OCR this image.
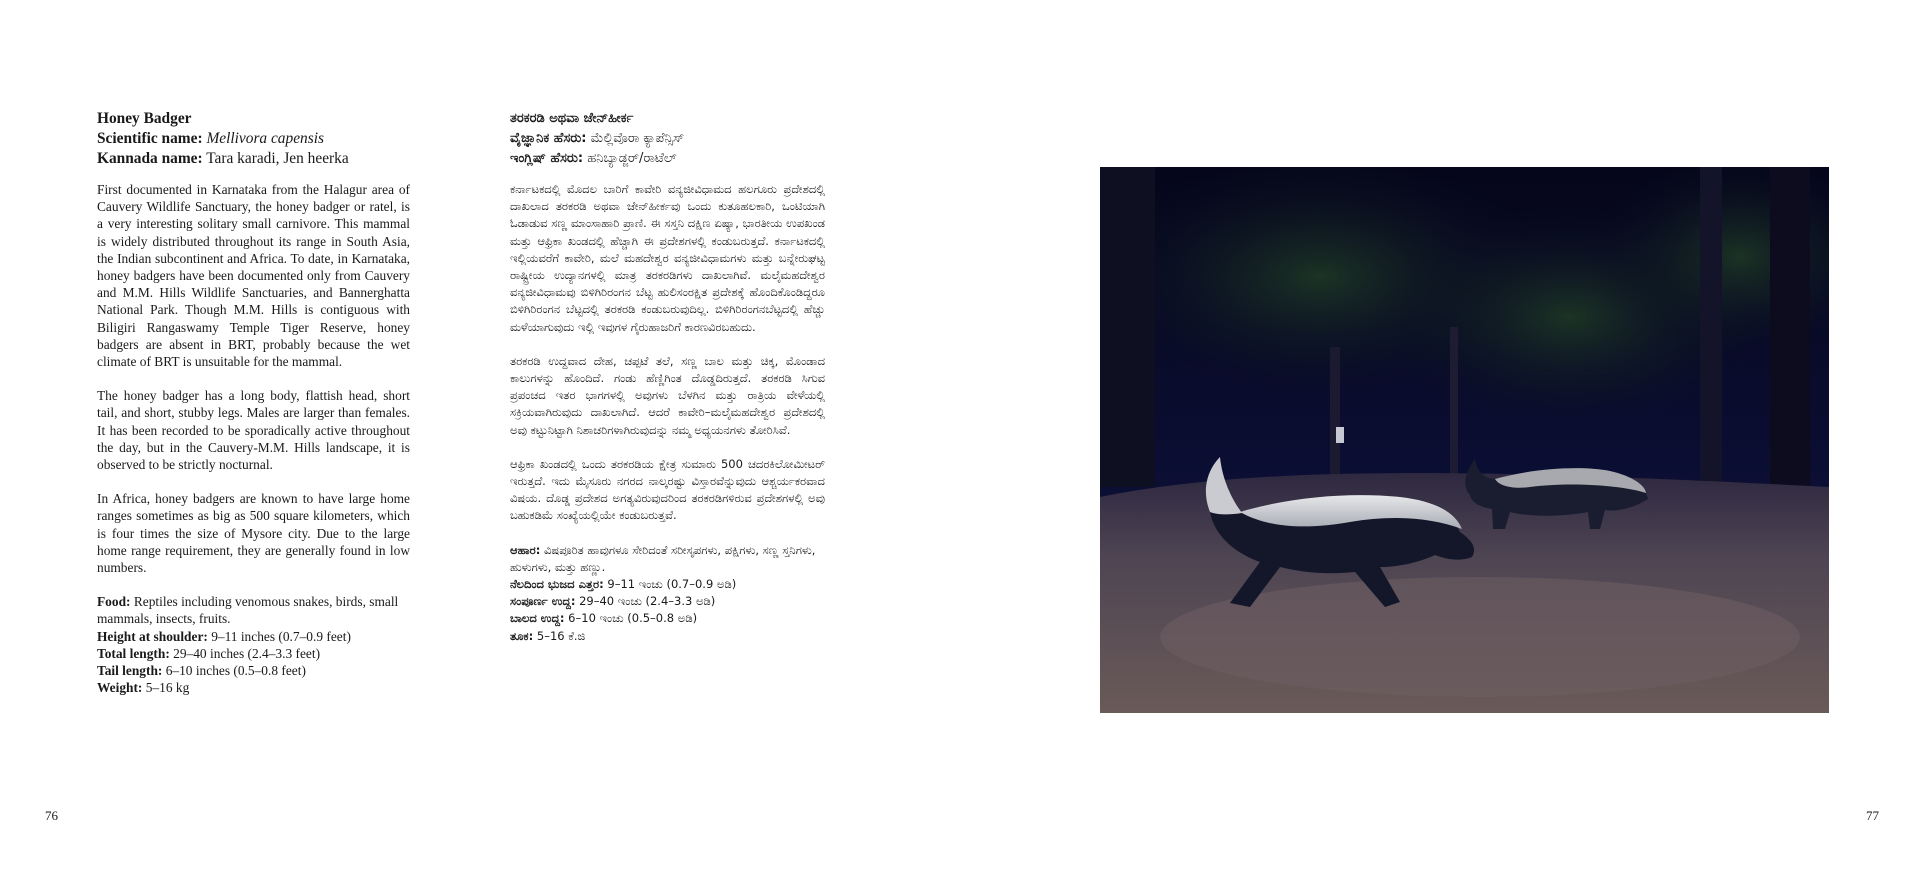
Honey Badger
Scientific name: Mellivora capensis
Kannada name: Tara karadi, Jen heerka

First documented in Karnataka from the Halagur area of Cauvery Wildlife Sanctuary, the honey badger or ratel, is a very interesting solitary small carnivore. This mammal is widely distributed throughout its range in South Asia, the Indian subcontinent and Africa. To date, in Karnataka, honey badgers have been documented only from Cauvery and M.M. Hills Wildlife Sanctuaries, and Bannerghatta National Park. Though M.M. Hills is contiguous with Biligiri Rangaswamy Temple Tiger Reserve, honey badgers are absent in BRT, probably because the wet climate of BRT is unsuitable for the mammal.

The honey badger has a long body, flattish head, short tail, and short, stubby legs. Males are larger than females. It has been recorded to be sporadically active throughout the day, but in the Cauvery-M.M. Hills landscape, it is observed to be strictly nocturnal.

In Africa, honey badgers are known to have large home ranges sometimes as big as 500 square kilometers, which is four times the size of Mysore city. Due to the large home range requirement, they are generally found in low numbers.

Food: Reptiles including venomous snakes, birds, small mammals, insects, fruits.
Height at shoulder: 9–11 inches (0.7–0.9 feet)
Total length: 29–40 inches (2.4–3.3 feet)
Tail length: 6–10 inches (0.5–0.8 feet)
Weight: 5–16 kg
ತರಕರಡಿ ಅಥವಾ ಜೇನ್‌ಹೀರ್ಕ
ವೈಜ್ಞಾನಿಕ ಹೆಸರು: ಮೆಲ್ಲಿವೊರಾ ಕ್ಯಾಪೆನ್ಸಿಸ್
ಇಂಗ್ಲಿಷ್ ಹೆಸರು: ಹನಿಬ್ಯಾಡ್ಜರ್/ರಾಟೆಲ್

ಕರ್ನಾಟಕದಲ್ಲಿ ಮೊದಲ ಬಾರಿಗೆ ಕಾವೇರಿ ವನ್ಯಜೀವಿಧಾಮದ ಹಲಗೂರು ಪ್ರದೇಶದಲ್ಲಿ ದಾಖಲಾದ ತರಕರಡಿ ಅಥವಾ ಜೇನ್‌ಹೀರ್ಕವು ಒಂದು ಕುತೂಹಲಕಾರಿ, ಒಂಟಿಯಾಗಿ ಓಡಾಡುವ ಸಣ್ಣ ಮಾಂಸಾಹಾರಿ ಪ್ರಾಣಿ. ಈ ಸಸ್ತನಿ ದಕ್ಷಿಣ ಏಷ್ಯಾ, ಭಾರತೀಯ ಉಪಖಂಡ ಮತ್ತು ಆಫ್ರಿಕಾ ಖಂಡದಲ್ಲಿ ಹೆಚ್ಚಾಗಿ ಈ ಪ್ರದೇಶಗಳಲ್ಲಿ ಕಂಡುಬರುತ್ತದೆ. ಕರ್ನಾಟಕದಲ್ಲಿ ಇಲ್ಲಿಯವರೆಗೆ ಕಾವೇರಿ, ಮಲೆ ಮಹದೇಶ್ವರ ವನ್ಯಜೀವಿಧಾಮಗಳು ಮತ್ತು ಬನ್ನೇರುಘಟ್ಟ ರಾಷ್ಟ್ರೀಯ ಉದ್ಯಾನಗಳಲ್ಲಿ ಮಾತ್ರ ತರಕರಡಿಗಳು ದಾಖಲಾಗಿವೆ. ಮಲೈಮಹದೇಶ್ವರ ವನ್ಯಜೀವಿಧಾಮವು ಬಿಳಿಗಿರಿರಂಗನ ಬೆಟ್ಟ ಹುಲಿಸಂರಕ್ಷಿತ ಪ್ರದೇಶಕ್ಕೆ ಹೊಂದಿಕೊಂಡಿದ್ದರೂ ಬಿಳಿಗಿರಿರಂಗನ ಬೆಟ್ಟದಲ್ಲಿ ತರಕರಡಿ ಕಂಡುಬರುವುದಿಲ್ಲ. ಬಿಳಿಗಿರಿರಂಗನಬೆಟ್ಟದಲ್ಲಿ ಹೆಚ್ಚು ಮಳೆಯಾಗುವುದು ಇಲ್ಲಿ ಇವುಗಳ ಗೈರುಹಾಜರಿಗೆ ಕಾರಣವಿರಬಹುದು.

ತರಕರಡಿ ಉದ್ದವಾದ ದೇಹ, ಚಪ್ಪಟೆ ತಲೆ, ಸಣ್ಣ ಬಾಲ ಮತ್ತು ಚಿಕ್ಕ, ಮೊಂಡಾದ ಕಾಲುಗಳನ್ನು ಹೊಂದಿದೆ. ಗಂಡು ಹೆಣ್ಣಿಗಿಂತ ದೊಡ್ಡದಿರುತ್ತದೆ. ತರಕರಡಿ ಸಿಗುವ ಪ್ರಪಂಚದ ಇತರ ಭಾಗಗಳಲ್ಲಿ ಅವುಗಳು ಬೆಳಗಿನ ಮತ್ತು ರಾತ್ರಿಯ ವೇಳೆಯಲ್ಲಿ ಸಕ್ರಿಯವಾಗಿರುವುದು ದಾಖಲಾಗಿದೆ. ಆದರೆ ಕಾವೇರಿ–ಮಲೈಮಹದೇಶ್ವರ ಪ್ರದೇಶದಲ್ಲಿ ಅವು ಕಟ್ಟುನಿಟ್ಟಾಗಿ ನಿಶಾಚರಿಗಳಾಗಿರುವುದನ್ನು ನಮ್ಮ ಅಧ್ಯಯನಗಳು ತೋರಿಸಿವೆ.

ಆಫ್ರಿಕಾ ಖಂಡದಲ್ಲಿ ಒಂದು ತರಕರಡಿಯ ಕ್ಷೇತ್ರ ಸುಮಾರು 500 ಚದರಕಿಲೋಮೀಟರ್ ಇರುತ್ತದೆ. ಇದು ಮೈಸೂರು ನಗರದ ನಾಲ್ಕರಷ್ಟು ವಿಸ್ತಾರವೆನ್ನುವುದು ಆಶ್ಚರ್ಯಕರವಾದ ವಿಷಯ. ದೊಡ್ಡ ಪ್ರದೇಶದ ಅಗತ್ಯವಿರುವುದರಿಂದ ತರಕರಡಿಗಳಿರುವ ಪ್ರದೇಶಗಳಲ್ಲಿ ಅವು ಬಹುಕಡಿಮೆ ಸಂಖ್ಯೆಯಲ್ಲಿಯೇ ಕಂಡುಬರುತ್ತವೆ.

ಆಹಾರ: ವಿಷಪೂರಿತ ಹಾವುಗಳೂ ಸೇರಿದಂತೆ ಸರೀಸೃಪಗಳು, ಪಕ್ಷಿಗಳು, ಸಣ್ಣ ಸ್ತನಿಗಳು, ಹುಳುಗಳು, ಮತ್ತು ಹಣ್ಣು.
ನೆಲದಿಂದ ಭುಜದ ಎತ್ತರ: 9–11 ಇಂಚು (0.7–0.9 ಅಡಿ)
ಸಂಪೂರ್ಣ ಉದ್ದ: 29–40 ಇಂಚು (2.4–3.3 ಅಡಿ)
ಬಾಲದ ಉದ್ದ: 6–10 ಇಂಚು (0.5–0.8 ಅಡಿ)
ತೂಕ: 5–16 ಕೆ.ಜಿ
76	77
